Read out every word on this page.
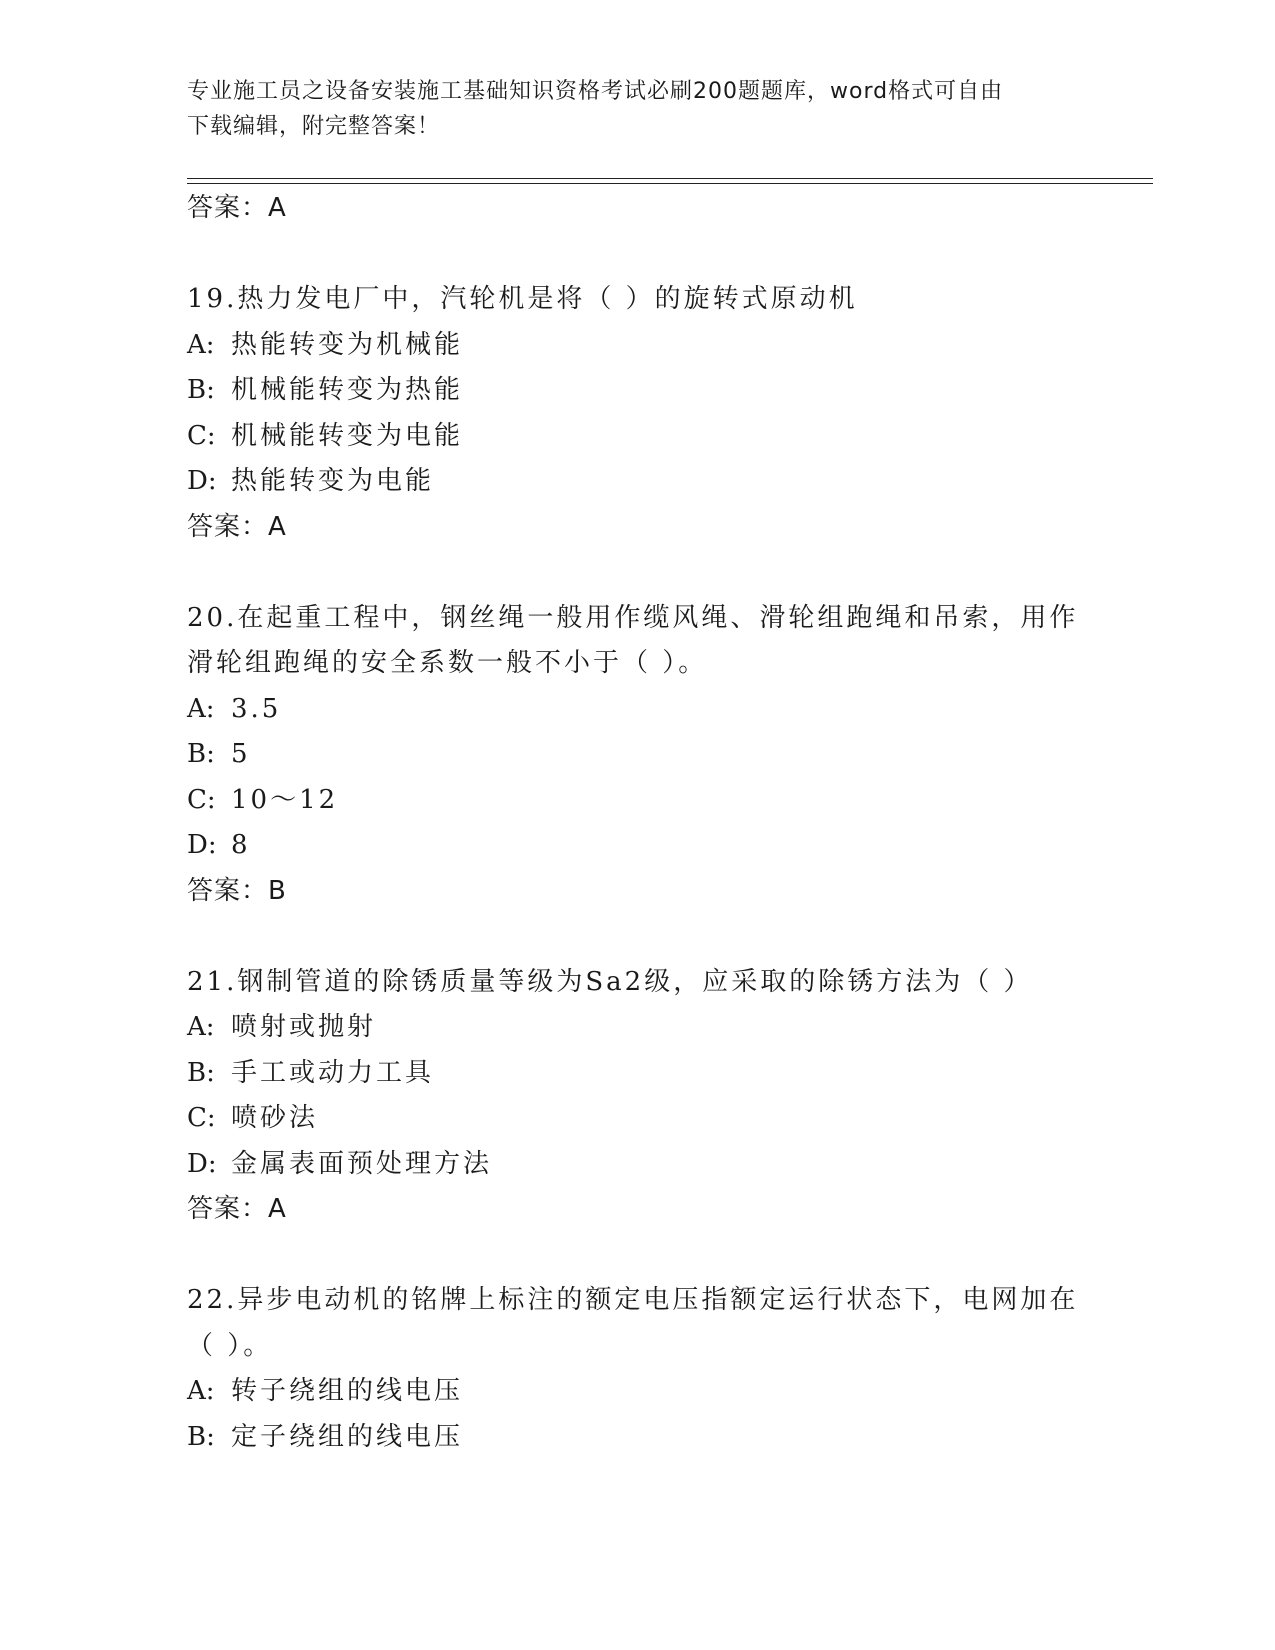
专业施工员之设备安装施工基础知识资格考试必刷200题题库，word格式可自由
下载编辑，附完整答案！
答案：A
19.热力发电厂中，汽轮机是将（ ）的旋转式原动机
A: 热能转变为机械能
B: 机械能转变为热能
C: 机械能转变为电能
D: 热能转变为电能
答案：A
20.在起重工程中，钢丝绳一般用作缆风绳、滑轮组跑绳和吊索，用作
滑轮组跑绳的安全系数一般不小于（ ）。
A: 3.5
B: 5
C: 10～12
D: 8
答案：B
21.钢制管道的除锈质量等级为Sa2级，应采取的除锈方法为（ ）
A: 喷射或抛射
B: 手工或动力工具
C: 喷砂法
D: 金属表面预处理方法
答案：A
22.异步电动机的铭牌上标注的额定电压指额定运行状态下，电网加在
（ ）。
A: 转子绕组的线电压
B: 定子绕组的线电压
